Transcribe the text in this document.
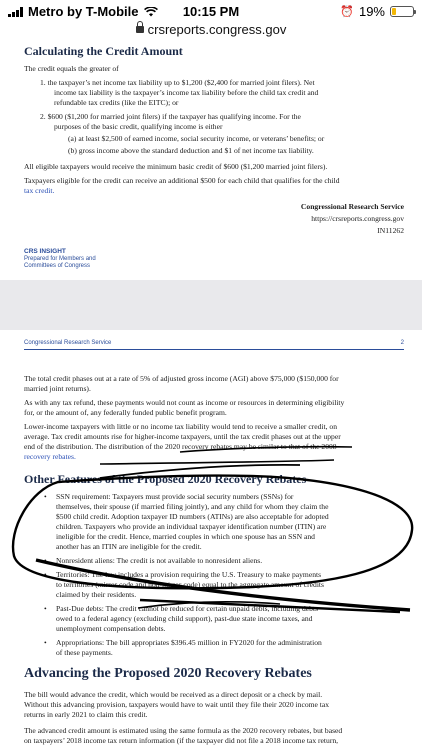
Metro by T-Mobile	10:15 PM	⏰ 19%
crsreports.congress.gov
Calculating the Credit Amount
The credit equals the greater of
1. the taxpayer’s net income tax liability up to $1,200 ($2,400 for married joint filers). Net
income tax liability is the taxpayer’s income tax liability before the child tax credit and
refundable tax credits (like the EITC); or
2. $600 ($1,200 for married joint filers) if the taxpayer has qualifying income. For the
purposes of the basic credit, qualifying income is either
(a) at least $2,500 of earned income, social security income, or veterans’ benefits; or
(b) gross income above the standard deduction and $1 of net income tax liability.
All eligible taxpayers would receive the minimum basic credit of $600 ($1,200 married joint filers).
Taxpayers eligible for the credit can receive an additional $500 for each child that qualifies for the child
tax credit.
Congressional Research Service
https://crsreports.congress.gov
IN11262
CRS INSIGHT
Prepared for Members and
Committees of Congress
Congressional Research Service	2
The total credit phases out at a rate of 5% of adjusted gross income (AGI) above $75,000 ($150,000 for
married joint returns).
As with any tax refund, these payments would not count as income or resources in determining eligibility
for, or the amount of, any federally funded public benefit program.
Lower-income taxpayers with little or no income tax liability would tend to receive a smaller credit, on
average. Tax credit amounts rise for higher-income taxpayers, until the tax credit phases out at the upper
end of the distribution. The distribution of the 2020 recovery rebates may be similar to that of the 2008
recovery rebates.
Other Features of the Proposed 2020 Recovery Rebates
• SSN requirement: Taxpayers must provide social security numbers (SSNs) for
themselves, their spouse (if married filing jointly), and any child for whom they claim the
$500 child credit. Adoption taxpayer ID numbers (ATINs) are also acceptable for adopted
children. Taxpayers who provide an individual taxpayer identification number (ITIN) are
ineligible for the credit. Hence, married couples in which one spouse has an SSN and
another has an ITIN are ineligible for the credit.
• Nonresident aliens: The credit is not available to nonresident aliens.
• Territories: The law includes a provision requiring the U.S. Treasury to make payments
to territories (mirror code and non-mirror code) equal to the aggregate amount of credits
claimed by their residents.
• Past-Due debts: The credit cannot be reduced for certain unpaid debts, including debts
owed to a federal agency (excluding child support), past-due state income taxes, and
unemployment compensation debts.
• Appropriations: The bill appropriates $396.45 million in FY2020 for the administration
of these payments.
Advancing the Proposed 2020 Recovery Rebates
The bill would advance the credit, which would be received as a direct deposit or a check by mail.
Without this advancing provision, taxpayers would have to wait until they file their 2020 income tax
returns in early 2021 to claim this credit.
The advanced credit amount is estimated using the same formula as the 2020 recovery rebates, but based
on taxpayers’ 2018 income tax return information (if the taxpayer did not file a 2018 income tax return,
